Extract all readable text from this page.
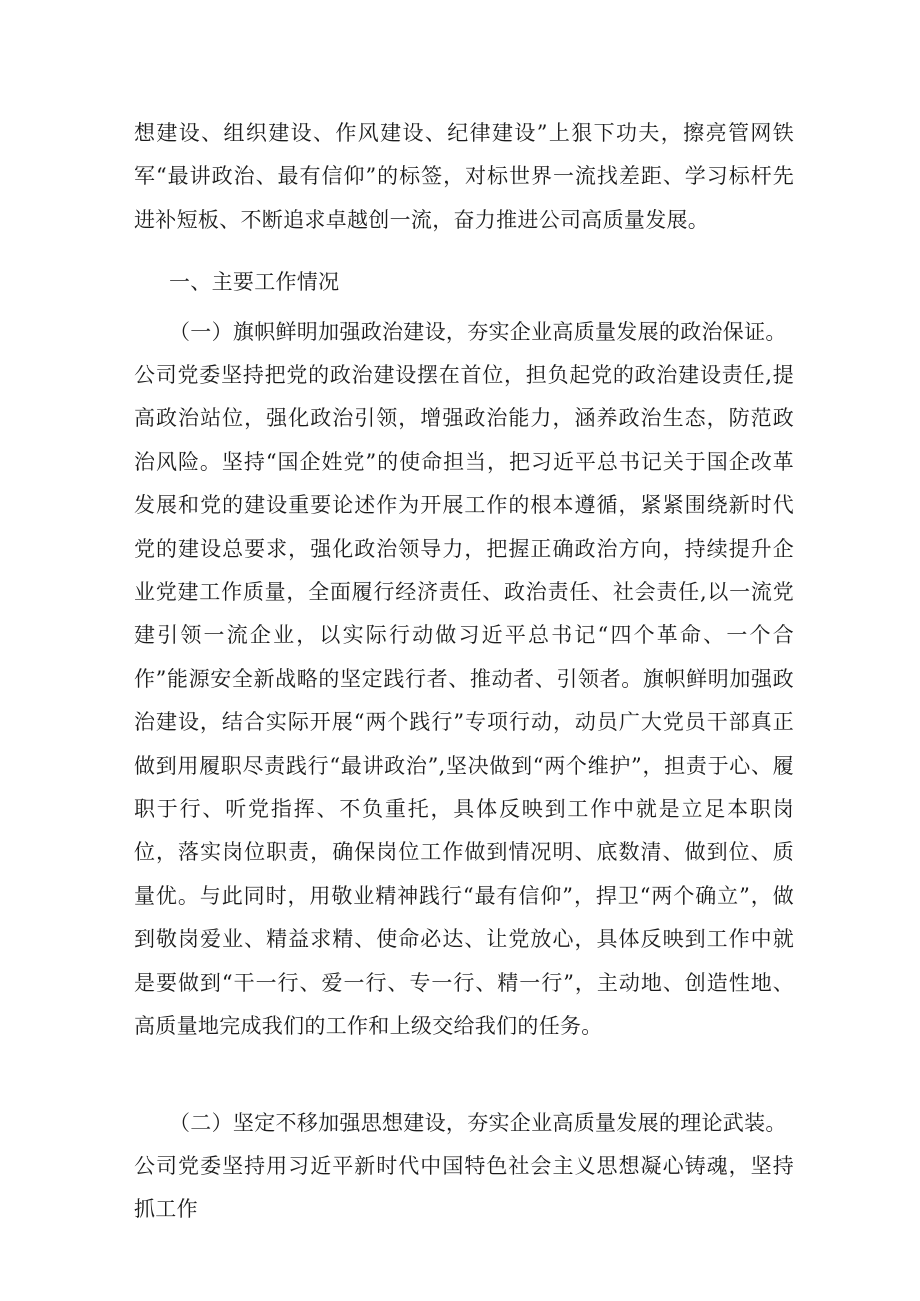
想建设、组织建设、作风建设、纪律建设”上狠下功夫，擦亮管网铁军“最讲政治、最有信仰”的标签，对标世界一流找差距、学习标杆先进补短板、不断追求卓越创一流，奋力推进公司高质量发展。
一、主要工作情况
（一）旗帜鲜明加强政治建设，夯实企业高质量发展的政治保证。
公司党委坚持把党的政治建设摆在首位，担负起党的政治建设责任,提高政治站位，强化政治引领，增强政治能力，涵养政治生态，防范政治风险。坚持“国企姓党”的使命担当，把习近平总书记关于国企改革发展和党的建设重要论述作为开展工作的根本遵循，紧紧围绕新时代党的建设总要求，强化政治领导力，把握正确政治方向，持续提升企业党建工作质量，全面履行经济责任、政治责任、社会责任,以一流党建引领一流企业，以实际行动做习近平总书记“四个革命、一个合作”能源安全新战略的坚定践行者、推动者、引领者。旗帜鲜明加强政治建设，结合实际开展“两个践行”专项行动，动员广大党员干部真正做到用履职尽责践行“最讲政治”,坚决做到“两个维护”，担责于心、履职于行、听党指挥、不负重托，具体反映到工作中就是立足本职岗位，落实岗位职责，确保岗位工作做到情况明、底数清、做到位、质量优。与此同时，用敬业精神践行“最有信仰”，捍卫“两个确立”，做到敬岗爱业、精益求精、使命必达、让党放心，具体反映到工作中就是要做到“干一行、爱一行、专一行、精一行”，主动地、创造性地、高质量地完成我们的工作和上级交给我们的任务。
（二）坚定不移加强思想建设，夯实企业高质量发展的理论武装。
公司党委坚持用习近平新时代中国特色社会主义思想凝心铸魂，坚持抓工作
